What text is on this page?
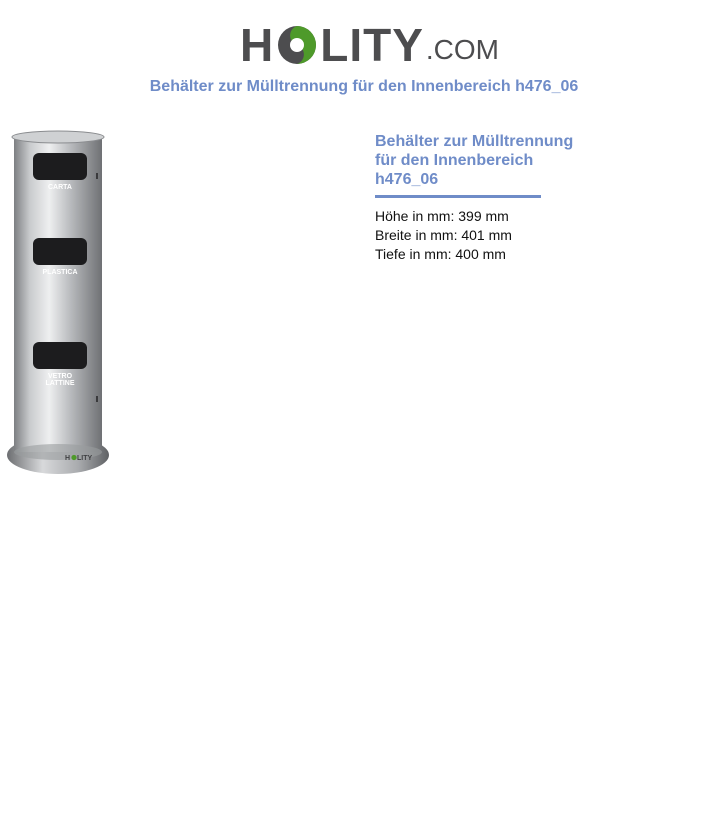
H LITY .COM
Behälter zur Mülltrennung für den Innenbereich h476_06
CARTA
PLASTICA
VETRO
LATTINE
H LITY
Behälter zur Mülltrennung für den Innenbereich h476_06
Höhe in mm: 399 mm
Breite in mm: 401 mm
Tiefe in mm: 400 mm
